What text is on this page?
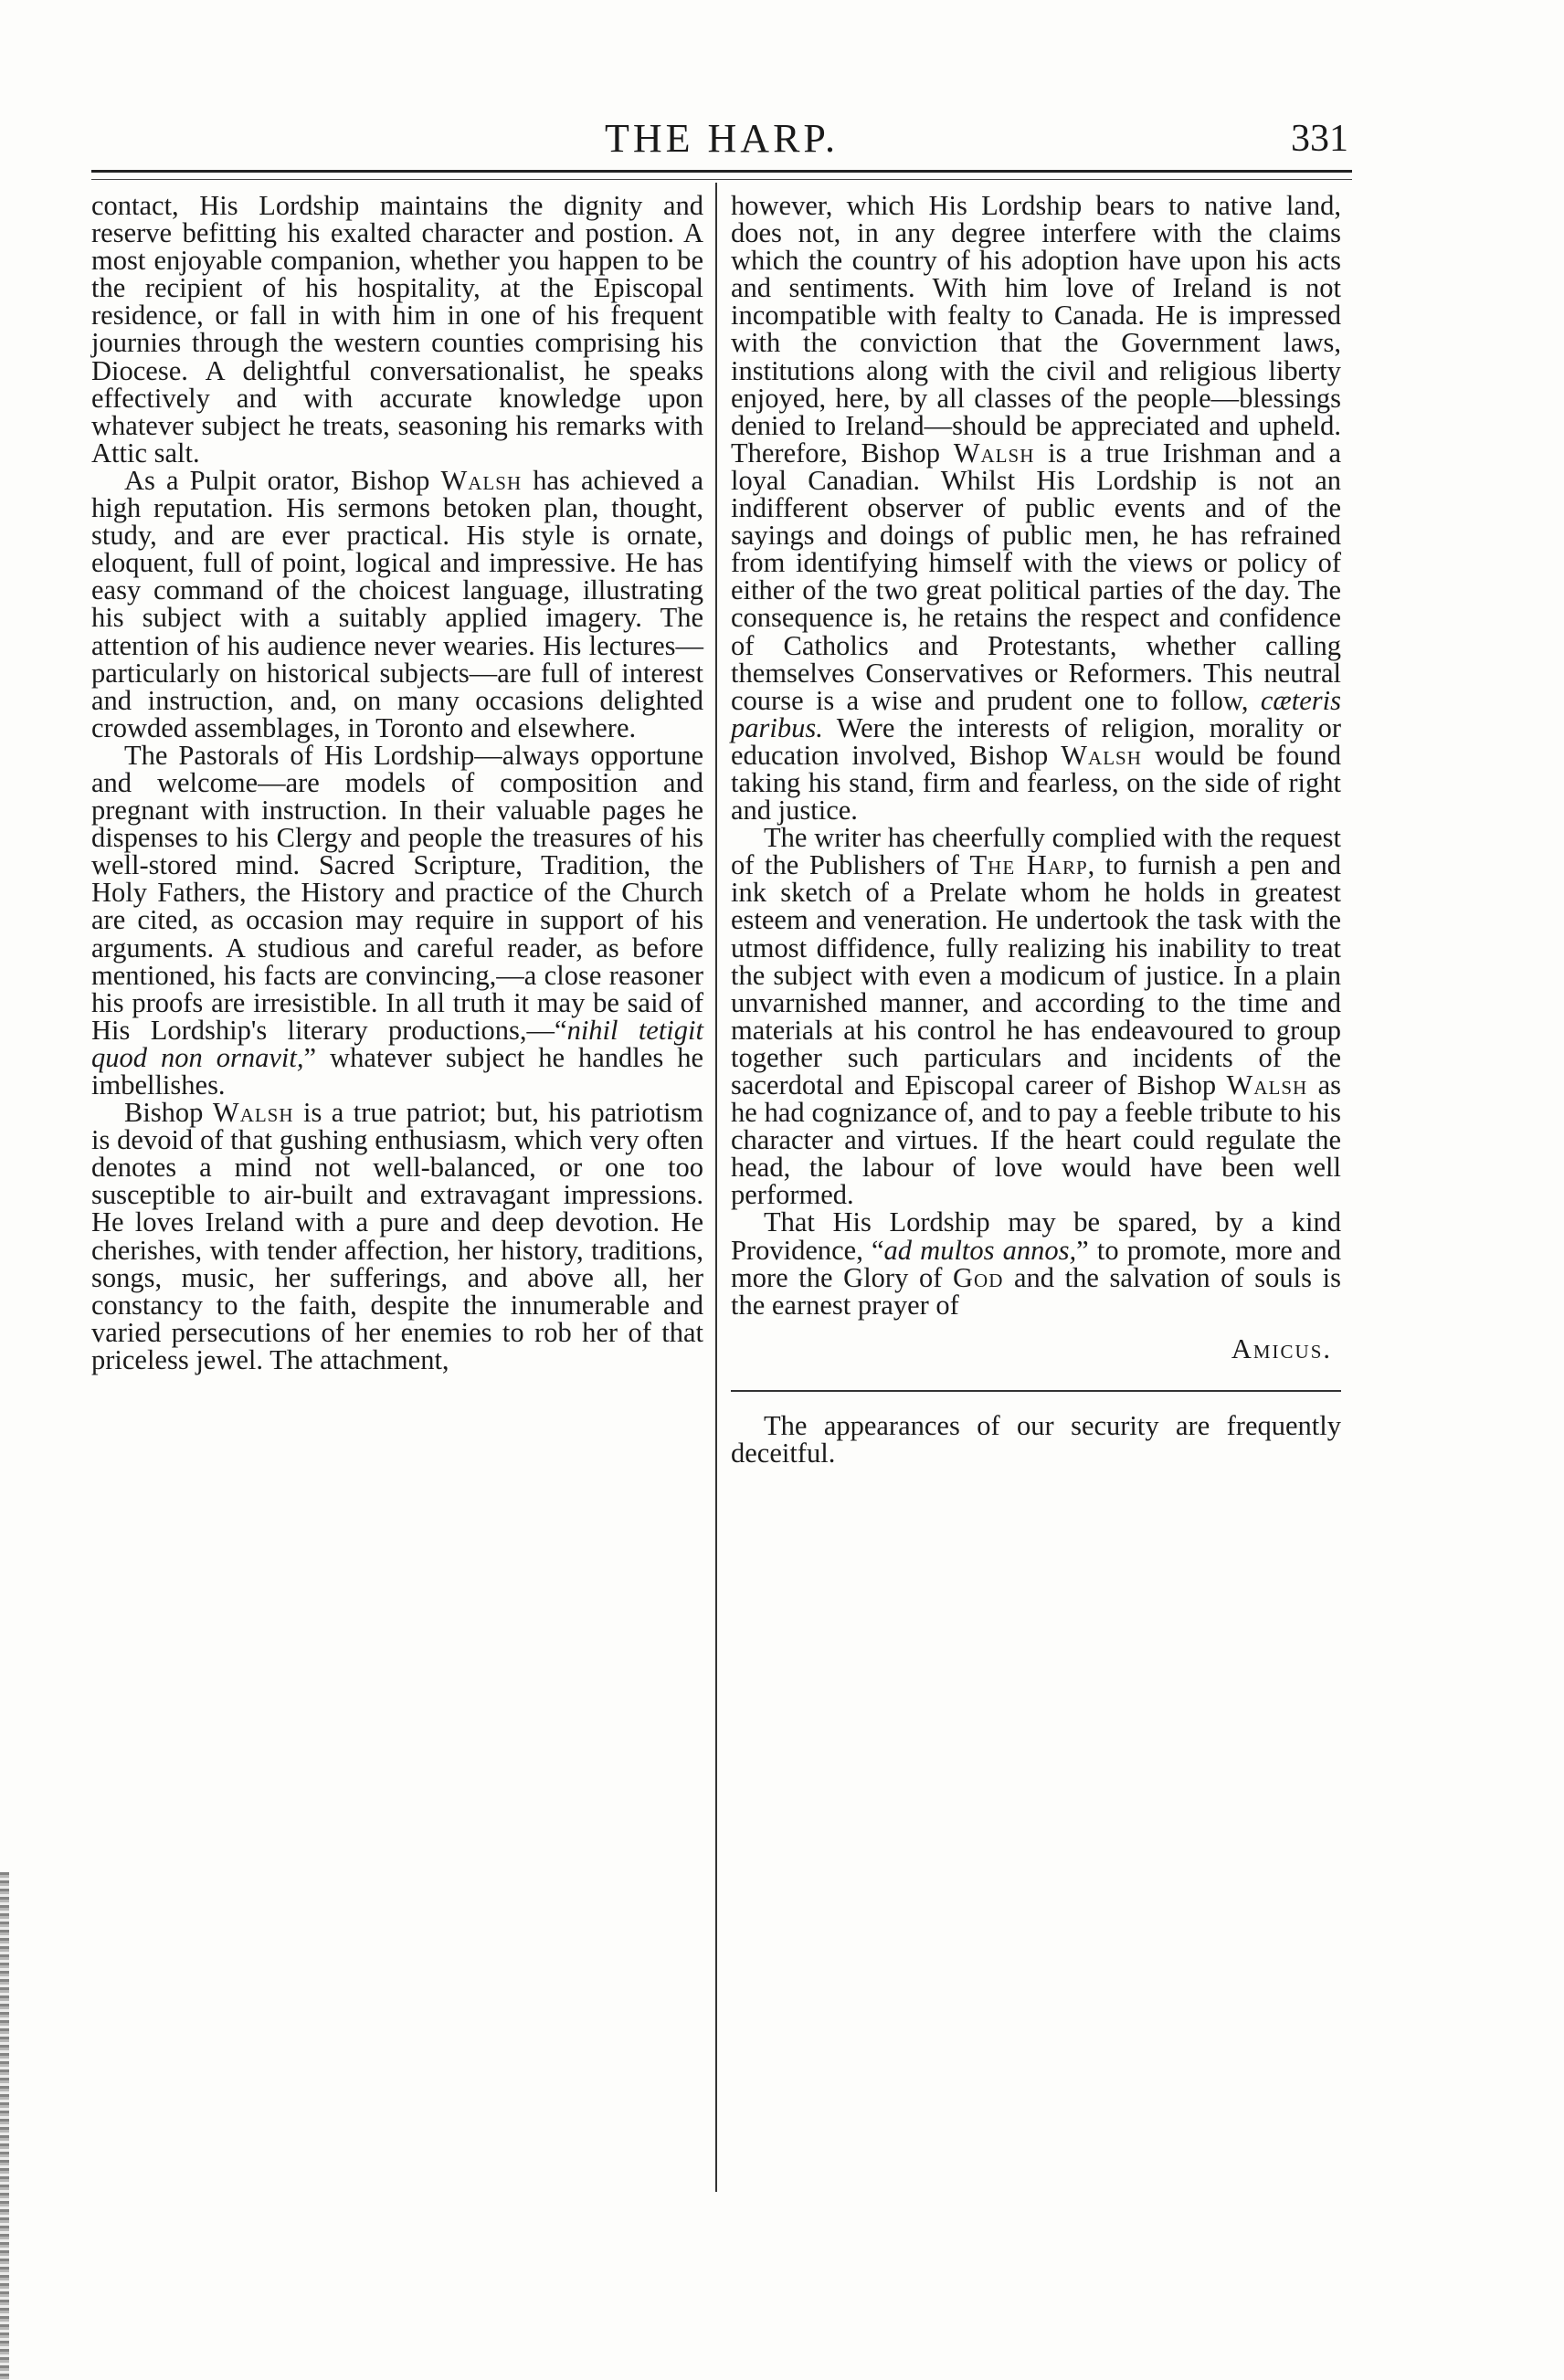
THE HARP.	331

contact, His Lordship maintains the dignity and reserve befitting his exalted character and postion. A most enjoyable companion, whether you happen to be the recipient of his hospitality, at the Episcopal residence, or fall in with him in one of his frequent journies through the western counties comprising his Diocese. A delightful conversationalist, he speaks effectively and with accurate knowledge upon whatever subject he treats, seasoning his remarks with Attic salt.

As a Pulpit orator, Bishop Walsh has achieved a high reputation. His sermons betoken plan, thought, study, and are ever practical. His style is ornate, eloquent, full of point, logical and impressive. He has easy command of the choicest language, illustrating his subject with a suitably applied imagery. The attention of his audience never wearies. His lectures—particularly on historical subjects—are full of interest and instruction, and, on many occasions delighted crowded assemblages, in Toronto and elsewhere.

The Pastorals of His Lordship—always opportune and welcome—are models of composition and pregnant with instruction. In their valuable pages he dispenses to his Clergy and people the treasures of his well-stored mind. Sacred Scripture, Tradition, the Holy Fathers, the History and practice of the Church are cited, as occasion may require in support of his arguments. A studious and careful reader, as before mentioned, his facts are convincing,—a close reasoner his proofs are irresistible. In all truth it may be said of His Lordship's literary productions,—“nihil tetigit quod non ornavit,” whatever subject he handles he imbellishes.

Bishop Walsh is a true patriot; but, his patriotism is devoid of that gushing enthusiasm, which very often denotes a mind not well-balanced, or one too susceptible to air-built and extravagant impressions. He loves Ireland with a pure and deep devotion. He cherishes, with tender affection, her history, traditions, songs, music, her sufferings, and above all, her constancy to the faith, despite the innumerable and varied persecutions of her enemies to rob her of that priceless jewel. The attachment,

however, which His Lordship bears to native land, does not, in any degree interfere with the claims which the country of his adoption have upon his acts and sentiments. With him love of Ireland is not incompatible with fealty to Canada. He is impressed with the conviction that the Government laws, institutions along with the civil and religious liberty enjoyed, here, by all classes of the people—blessings denied to Ireland—should be appreciated and upheld. Therefore, Bishop Walsh is a true Irishman and a loyal Canadian. Whilst His Lordship is not an indifferent observer of public events and of the sayings and doings of public men, he has refrained from identifying himself with the views or policy of either of the two great political parties of the day. The consequence is, he retains the respect and confidence of Catholics and Protestants, whether calling themselves Conservatives or Reformers. This neutral course is a wise and prudent one to follow, cæteris paribus. Were the interests of religion, morality or education involved, Bishop Walsh would be found taking his stand, firm and fearless, on the side of right and justice.

The writer has cheerfully complied with the request of the Publishers of The Harp, to furnish a pen and ink sketch of a Prelate whom he holds in greatest esteem and veneration. He undertook the task with the utmost diffidence, fully realizing his inability to treat the subject with even a modicum of justice. In a plain unvarnished manner, and according to the time and materials at his control he has endeavoured to group together such particulars and incidents of the sacerdotal and Episcopal career of Bishop Walsh as he had cognizance of, and to pay a feeble tribute to his character and virtues. If the heart could regulate the head, the labour of love would have been well performed.

That His Lordship may be spared, by a kind Providence, “ad multos annos,” to promote, more and more the Glory of God and the salvation of souls is the earnest prayer of

Amicus.

The appearances of our security are frequently deceitful.
